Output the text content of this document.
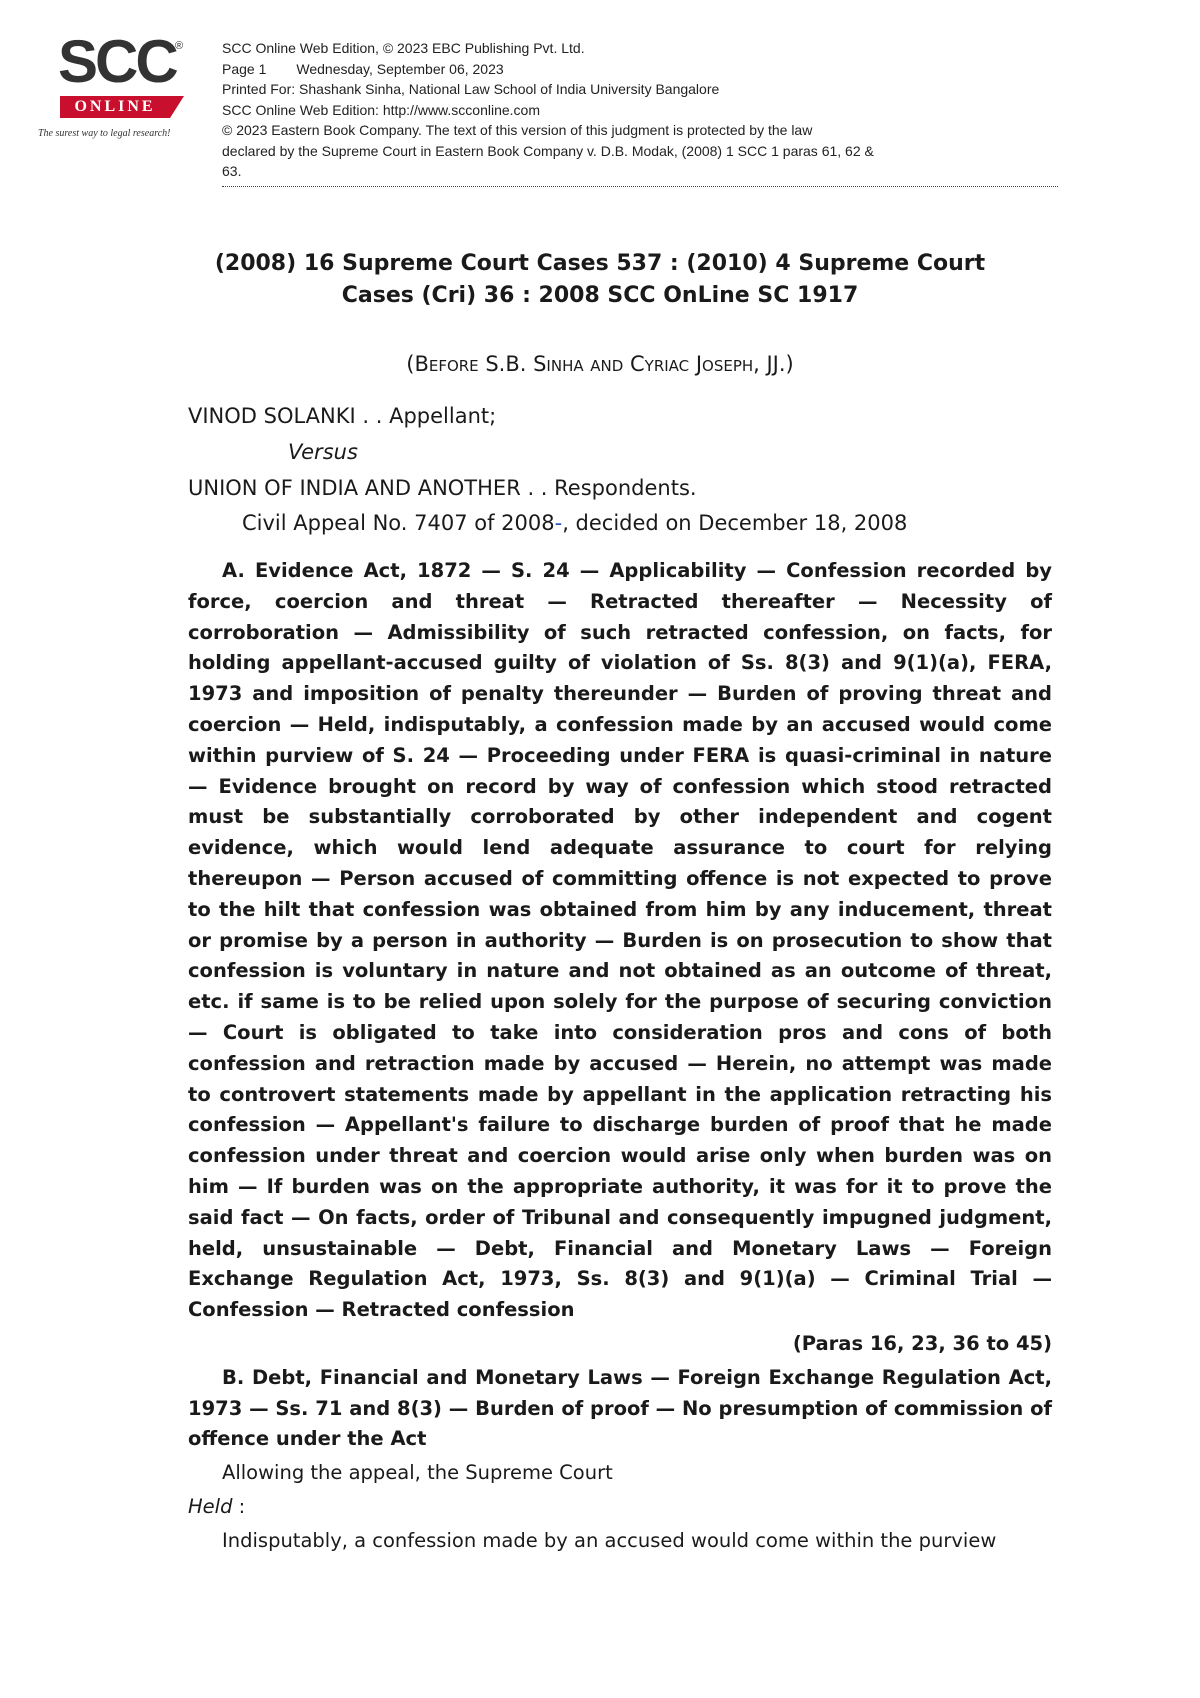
SCC ®
ONLINE
The surest way to legal research!
SCC Online Web Edition, © 2023 EBC Publishing Pvt. Ltd.
Page 1 Wednesday, September 06, 2023
Printed For: Shashank Sinha, National Law School of India University Bangalore
SCC Online Web Edition: http://www.scconline.com
© 2023 Eastern Book Company. The text of this version of this judgment is protected by the law
declared by the Supreme Court in Eastern Book Company v. D.B. Modak, (2008) 1 SCC 1 paras 61, 62 &
63.
(2008) 16 Supreme Court Cases 537 : (2010) 4 Supreme Court
Cases (Cri) 36 : 2008 SCC OnLine SC 1917
(Before S.B. Sinha and Cyriac Joseph, JJ.)
VINOD SOLANKI . . Appellant;
Versus
UNION OF INDIA AND ANOTHER . . Respondents.
Civil Appeal No. 7407 of 2008-, decided on December 18, 2008

A. Evidence Act, 1872 — S. 24 — Applicability — Confession recorded by force, coercion and threat — Retracted thereafter — Necessity of corroboration — Admissibility of such retracted confession, on facts, for holding appellant-accused guilty of violation of Ss. 8(3) and 9(1)(a), FERA, 1973 and imposition of penalty thereunder — Burden of proving threat and coercion — Held, indisputably, a confession made by an accused would come within purview of S. 24 — Proceeding under FERA is quasi-criminal in nature — Evidence brought on record by way of confession which stood retracted must be substantially corroborated by other independent and cogent evidence, which would lend adequate assurance to court for relying thereupon — Person accused of committing offence is not expected to prove to the hilt that confession was obtained from him by any inducement, threat or promise by a person in authority — Burden is on prosecution to show that confession is voluntary in nature and not obtained as an outcome of threat, etc. if same is to be relied upon solely for the purpose of securing conviction — Court is obligated to take into consideration pros and cons of both confession and retraction made by accused — Herein, no attempt was made to controvert statements made by appellant in the application retracting his confession — Appellant's failure to discharge burden of proof that he made confession under threat and coercion would arise only when burden was on him — If burden was on the appropriate authority, it was for it to prove the said fact — On facts, order of Tribunal and consequently impugned judgment, held, unsustainable — Debt, Financial and Monetary Laws — Foreign Exchange Regulation Act, 1973, Ss. 8(3) and 9(1)(a) — Criminal Trial — Confession — Retracted confession

(Paras 16, 23, 36 to 45)

B. Debt, Financial and Monetary Laws — Foreign Exchange Regulation Act, 1973 — Ss. 71 and 8(3) — Burden of proof — No presumption of commission of offence under the Act

Allowing the appeal, the Supreme Court

Held :

Indisputably, a confession made by an accused would come within the purview
